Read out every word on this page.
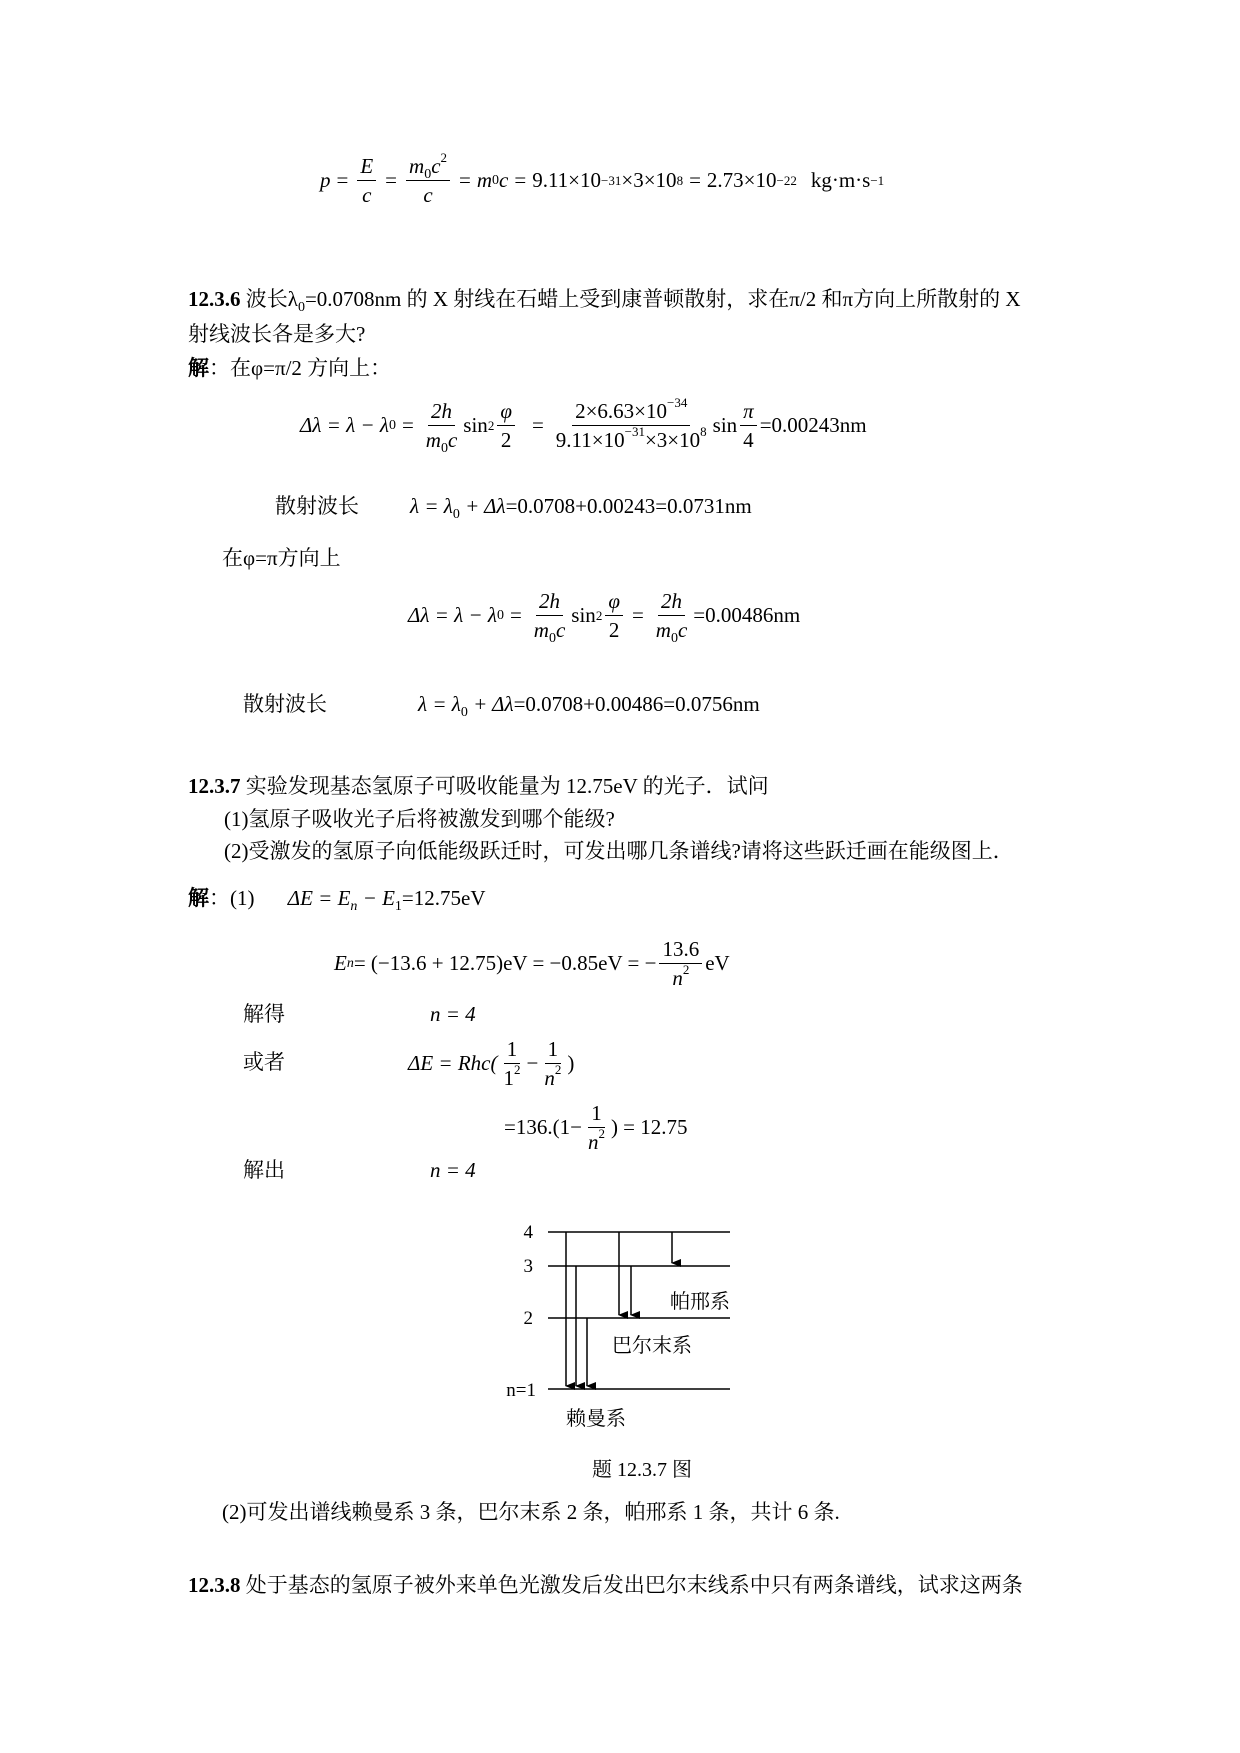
$p = \frac{E}{c} = \frac{m_0c^2}{c} = m$ 0 c = 9.11×10 −31 ×3×10 8 = 2.73×10 −22 kg·m·s −1
12.3.6 波长$\lambda_0=0.0708nm$ 的 X 射线在石蜡上受到康普顿散射，求在π/2 和π方向上所散射的 X
射线波长各是多大?
解：在φ=π/2 方向上：
Δλ = λ − λ $0 = \frac{2h}{m_0c}$ $\sin 2 \frac{\varphi}{2} = \frac{2\times 6.63\times 10^{-34}}{9.11\times 10^{-31}\times 3\times 10^8}$ $\sin \frac{\pi}{4} =0.00243nm$
散射波长 $\lambda = \lambda_0 + \Delta\lambda=0.0708+0.00243=0.0731nm$
在φ=π方向上
Δλ = λ − λ $0 = \frac{2h}{m_0c}$ $\sin 2 \frac{\varphi}{2} = \frac{2h}{m_0c} =0.00486nm$
散射波长	$\lambda = \lambda_0 + \Delta\lambda=0.0708+0.00486=0.0756nm$
12.3.7 实验发现基态氢原子可吸收能量为 12.75eV 的光子．试问
(1)氢原子吸收光子后将被激发到哪个能级?
(2)受激发的氢原子向低能级跃迁时，可发出哪几条谱线?请将这些跃迁画在能级图上．
解：(1) $\Delta E = E_n - E_1=12.75eV$
E n = (−13.6 + 12.75)eV = −0.85eV = − $\frac{13.6}{n^2}$ eV
解得	n = 4
或者	$\Delta E = Rhc( \frac{1}{1^2} - \frac{1}{n^2}$ )
$=136.(1- \frac{1}{n^2}$ ) = 12.75
解出	n = 4
4
3
2
n=1
帕邢系
巴尔末系
赖曼系
题 12.3.7 图
(2)可发出谱线赖曼系 3 条，巴尔末系 2 条，帕邢系 1 条，共计 6 条.
12.3.8 处于基态的氢原子被外来单色光激发后发出巴尔末线系中只有两条谱线，试求这两条
